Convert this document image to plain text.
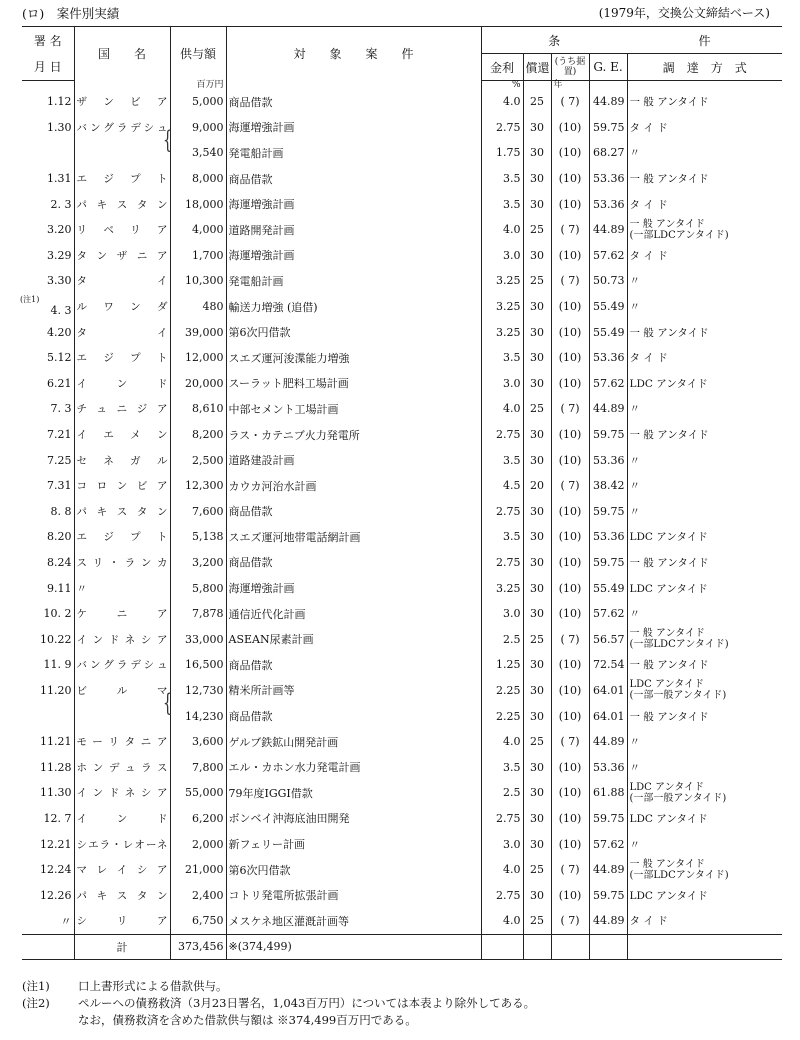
(ロ)　案件別実績	(1979年，交換公文締結ベース)
署 名	国　　名	供与額	対　　象　　案　　件	条				件
月 日				金利	償還	(うち据置)	G. E.	調　達　方　式
		百万円		%		年		
1.12	ザ ン ビ ア	5,000	商品借款	4.0	25	( 7)	44.89	一 般 アンタイド
1.30	バングラデシュ	9,000	海運増強計画	2.75	30	(10)	59.75	タ イ ド
		3,540	発電船計画	1.75	30	(10)	68.27	〃
1.31	エ ジ プ ト	8,000	商品借款	3.5	30	(10)	53.36	一 般 アンタイド
2. 3	パ キ ス タ ン	18,000	海運増強計画	3.5	30	(10)	53.36	タ イ ド
3.20	リ ベ リ ア	4,000	道路開発計画	4.0	25	( 7)	44.89	一 般 アンタイド
(一部LDCアンタイド)

3.29	タ ン ザ ニ ア	1,700	海運増強計画	3.0	30	(10)	57.62	タ イ ド
3.30	タ イ	10,300	発電船計画	3.25	25	( 7)	50.73	〃

(注1)
4. 3	ル ワ ン ダ	480	輸送力増強 (追借)	3.25	30	(10)	55.49	〃
4.20	タ イ	39,000	第6次円借款	3.25	30	(10)	55.49	一 般 アンタイド
5.12	エ ジ プ ト	12,000	スエズ運河浚渫能力増強	3.5	30	(10)	53.36	タ イ ド
6.21	イ ン ド	20,000	スーラット肥料工場計画	3.0	30	(10)	57.62	LDC アンタイド
7. 3	チュニジア	8,610	中部セメント工場計画	4.0	25	( 7)	44.89	〃
7.21	イ エ メ ン	8,200	ラス・カテニブ火力発電所	2.75	30	(10)	59.75	一 般 アンタイド
7.25	セ ネ ガ ル	2,500	道路建設計画	3.5	30	(10)	53.36	〃
7.31	コ ロ ン ビ ア	12,300	カウカ河治水計画	4.5	20	( 7)	38.42	〃
8. 8	パ キ ス タ ン	7,600	商品借款	2.75	30	(10)	59.75	〃
8.20	エ ジ プ ト	5,138	スエズ運河地帯電話網計画	3.5	30	(10)	53.36	LDC アンタイド
8.24	スリ・ランカ	3,200	商品借款	2.75	30	(10)	59.75	一 般 アンタイド
9.11	〃	5,800	海運増強計画	3.25	30	(10)	55.49	LDC アンタイド
10. 2	ケ ニ ア	7,878	通信近代化計画	3.0	30	(10)	57.62	〃
10.22	インドネシア	33,000	ASEAN尿素計画	2.5	25	( 7)	56.57	一 般 アンタイド
(一部LDCアンタイド)

11. 9	バングラデシュ	16,500	商品借款	1.25	30	(10)	72.54	一 般 アンタイド
11.20	ビ ル マ	12,730	精米所計画等	2.25	30	(10)	64.01	LDC アンタイド
(一部一般アンタイド)

		14,230	商品借款	2.25	30	(10)	64.01	一 般 アンタイド
11.21	モーリタニア	3,600	ゲルブ鉄鉱山開発計画	4.0	25	( 7)	44.89	〃
11.28	ホンデュラス	7,800	エル・カホン水力発電計画	3.5	30	(10)	53.36	〃
11.30	インドネシア	55,000	79年度IGGI借款	2.5	30	(10)	61.88	LDC アンタイド
(一部一般アンタイド)

12. 7	イ ン ド	6,200	ボンベイ沖海底油田開発	2.75	30	(10)	59.75	LDC アンタイド
12.21	シエラ・レオーネ	2,000	新フェリー計画	3.0	30	(10)	57.62	〃
12.24	マ レ イ シ ア	21,000	第6次円借款	4.0	25	( 7)	44.89	一 般 アンタイド
(一部LDCアンタイド)

12.26	パ キ ス タ ン	2,400	コトリ発電所拡張計画	2.75	30	(10)	59.75	LDC アンタイド
〃	シ リ ア	6,750	メスケネ地区灌漑計画等	4.0	25	( 7)	44.89	タ イ ド
	計	373,456	※(374,499)					
(注1) 口上書形式による借款供与。
(注2) ペルーへの債務救済（3月23日署名，1,043百万円）については本表より除外してある。
なお，債務救済を含めた借款供与額は ※374,499百万円である。
{
{
